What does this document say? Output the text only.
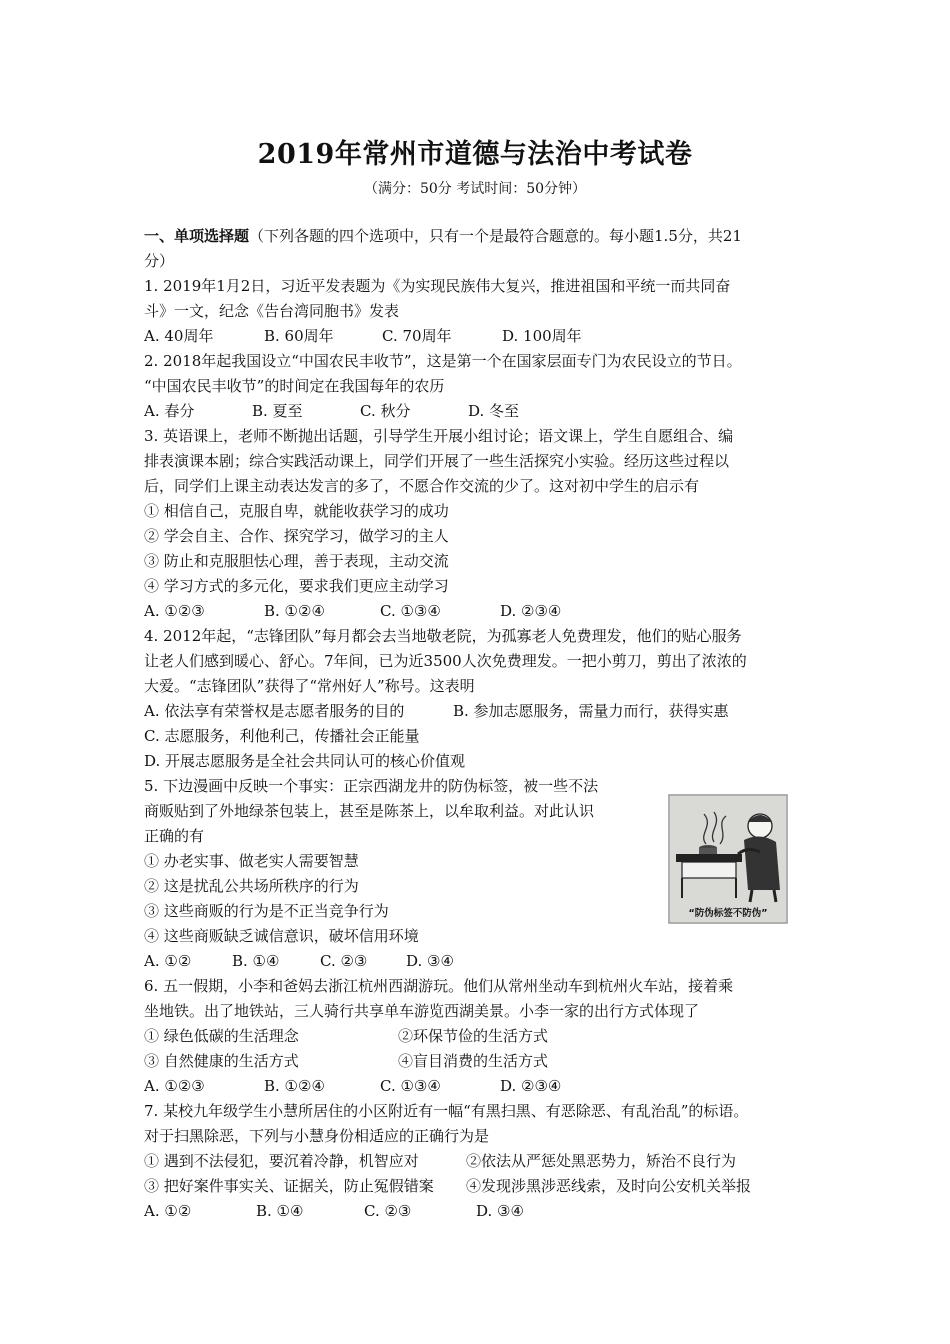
2019年常州市道德与法治中考试卷
（满分：50分 考试时间：50分钟）
一、单项选择题（下列各题的四个选项中，只有一个是最符合题意的。每小题1.5分，共21
分）
1. 2019年1月2日，习近平发表题为《为实现民族伟大复兴，推进祖国和平统一而共同奋
斗》一文，纪念《告台湾同胞书》发表
A. 40周年	B. 60周年	C. 70周年	D. 100周年
2. 2018年起我国设立“中国农民丰收节”，这是第一个在国家层面专门为农民设立的节日。
“中国农民丰收节”的时间定在我国每年的农历
A. 春分	B. 夏至	C. 秋分	D. 冬至
3. 英语课上，老师不断抛出话题，引导学生开展小组讨论；语文课上，学生自愿组合、编
排表演课本剧；综合实践活动课上，同学们开展了一些生活探究小实验。经历这些过程以
后，同学们上课主动表达发言的多了，不愿合作交流的少了。这对初中学生的启示有
① 相信自己，克服自卑，就能收获学习的成功
② 学会自主、合作、探究学习，做学习的主人
③ 防止和克服胆怯心理，善于表现，主动交流
④ 学习方式的多元化，要求我们更应主动学习
A. ①②③	B. ①②④	C. ①③④	D. ②③④
4. 2012年起，“志锋团队”每月都会去当地敬老院，为孤寡老人免费理发，他们的贴心服务
让老人们感到暖心、舒心。7年间，已为近3500人次免费理发。一把小剪刀，剪出了浓浓的
大爱。“志锋团队”获得了“常州好人”称号。这表明
A. 依法享有荣誉权是志愿者服务的目的	B. 参加志愿服务，需量力而行，获得实惠
C. 志愿服务，利他利己，传播社会正能量
D. 开展志愿服务是全社会共同认可的核心价值观
5. 下边漫画中反映一个事实：正宗西湖龙井的防伪标签，被一些不法
商贩贴到了外地绿茶包装上，甚至是陈茶上，以牟取利益。对此认识
正确的有
① 办老实事、做老实人需要智慧
② 这是扰乱公共场所秩序的行为
③ 这些商贩的行为是不正当竞争行为
④ 这些商贩缺乏诚信意识，破坏信用环境
A. ①②	B. ①④	C. ②③	D. ③④
“防伪标签不防伪”
6. 五一假期，小李和爸妈去浙江杭州西湖游玩。他们从常州坐动车到杭州火车站，接着乘
坐地铁。出了地铁站，三人骑行共享单车游览西湖美景。小李一家的出行方式体现了
① 绿色低碳的生活理念	②环保节俭的生活方式
③ 自然健康的生活方式	④盲目消费的生活方式
A. ①②③	B. ①②④	C. ①③④	D. ②③④
7. 某校九年级学生小慧所居住的小区附近有一幅“有黑扫黑、有恶除恶、有乱治乱”的标语。
对于扫黑除恶，下列与小慧身份相适应的正确行为是
① 遇到不法侵犯，要沉着冷静，机智应对	②依法从严惩处黑恶势力，矫治不良行为
③ 把好案件事实关、证据关，防止冤假错案 ④发现涉黑涉恶线索，及时向公安机关举报
A. ①②	B. ①④	C. ②③	D. ③④
